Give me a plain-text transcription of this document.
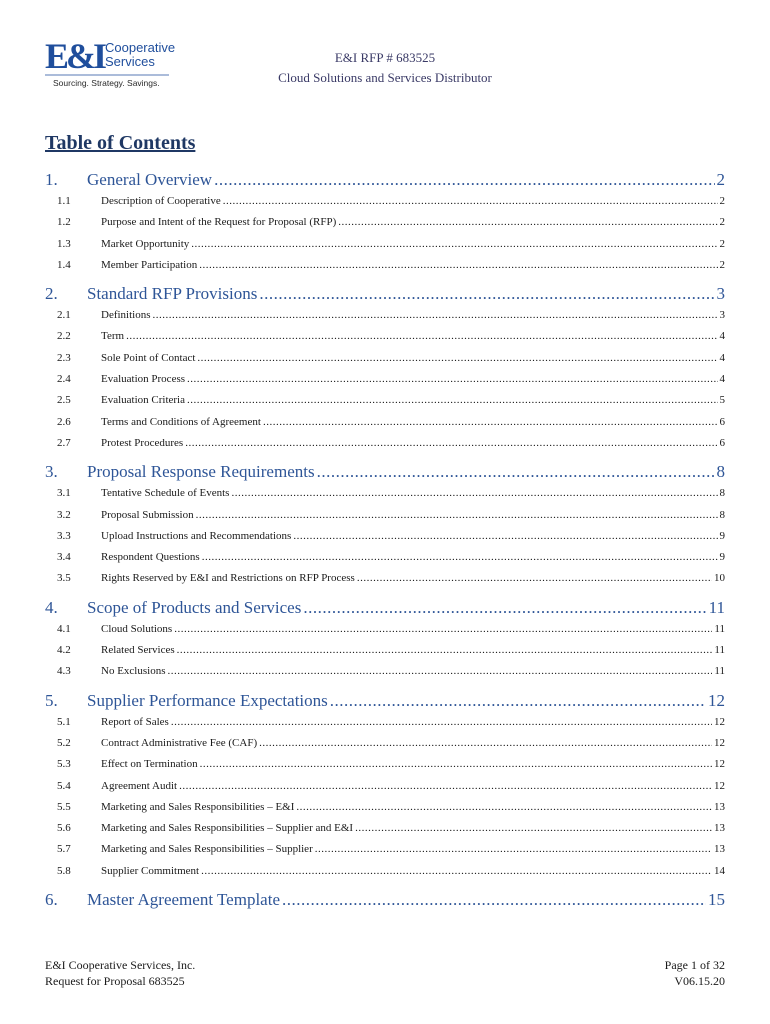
E&I Cooperative
Services
Sourcing. Strategy. Savings.
E&I RFP # 683525
Cloud Solutions and Services Distributor
Table of Contents
1.	General Overview .....	2
1.1	Description of Cooperative .....	2
1.2	Purpose and Intent of the Request for Proposal (RFP) .....	2
1.3	Market Opportunity .....	2
1.4	Member Participation .....	2
2.	Standard RFP Provisions .....	3
2.1	Definitions .....	3
2.2	Term .....	4
2.3	Sole Point of Contact .....	4
2.4	Evaluation Process .....	4
2.5	Evaluation Criteria .....	5
2.6	Terms and Conditions of Agreement .....	6
2.7	Protest Procedures .....	6
3.	Proposal Response Requirements .....	8
3.1	Tentative Schedule of Events .....	8
3.2	Proposal Submission .....	8
3.3	Upload Instructions and Recommendations .....	9
3.4	Respondent Questions .....	9
3.5	Rights Reserved by E&I and Restrictions on RFP Process .....	10
4.	Scope of Products and Services .....	11
4.1	Cloud Solutions .....	11
4.2	Related Services .....	11
4.3	No Exclusions .....	11
5.	Supplier Performance Expectations .....	12
5.1	Report of Sales .....	12
5.2	Contract Administrative Fee (CAF) .....	12
5.3	Effect on Termination .....	12
5.4	Agreement Audit .....	12
5.5	Marketing and Sales Responsibilities – E&I .....	13
5.6	Marketing and Sales Responsibilities – Supplier and E&I .....	13
5.7	Marketing and Sales Responsibilities – Supplier .....	13
5.8	Supplier Commitment .....	14
6.	Master Agreement Template .....	15
E&I Cooperative Services, Inc.
Request for Proposal 683525
Page 1 of 32
V06.15.20
